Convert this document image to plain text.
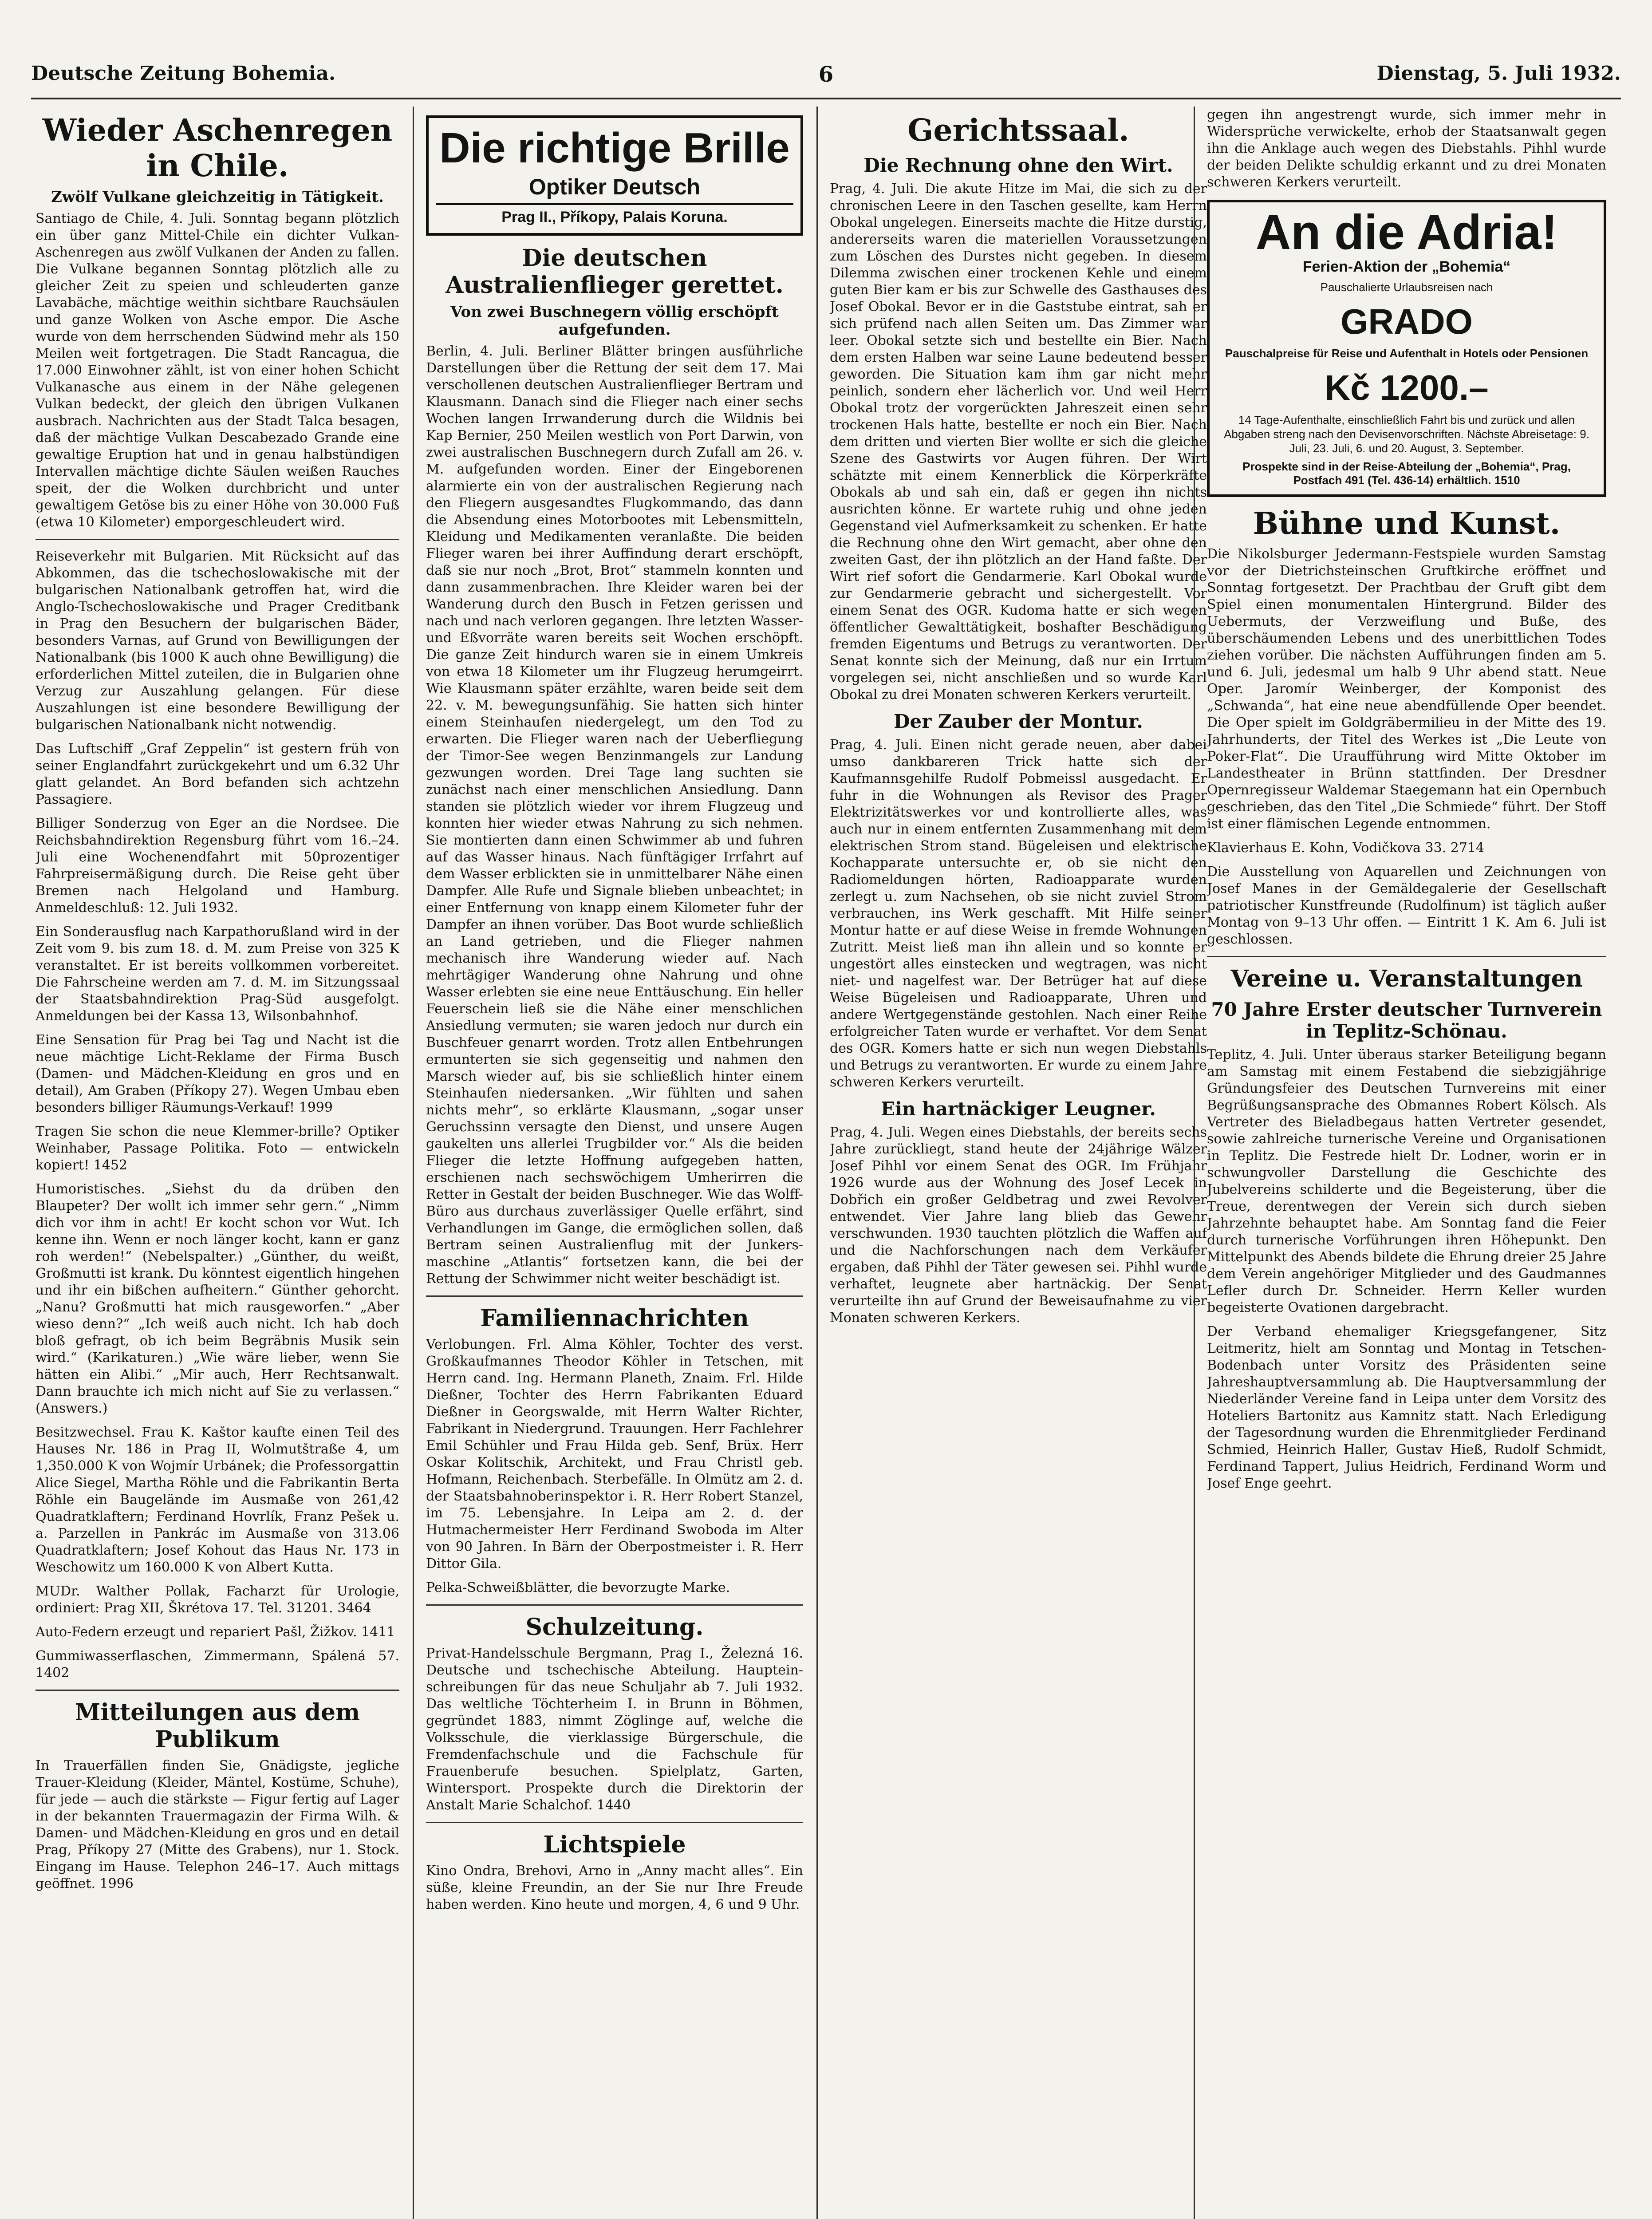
Deutsche Zeitung Bohemia.	6	Dienstag, 5. Juli 1932.
Wieder Aschenregen in Chile.
Zwölf Vulkane gleichzeitig in Tätigkeit.

Santiago de Chile, 4. Juli. Sonntag begann plötzlich ein über ganz Mittel-Chile ein dichter Vulkan-Aschenregen aus zwölf Vulkanen der Anden zu fallen. Die Vulkane begannen Sonntag plötzlich alle zu gleicher Zeit zu speien und schleuderten ganze Lavabäche, mächtige weithin sichtbare Rauchsäulen und ganze Wolken von Asche empor. Die Asche wurde von dem herrschenden Südwind mehr als 150 Meilen weit fortgetragen. Die Stadt Rancagua, die 17.000 Einwohner zählt, ist von einer hohen Schicht Vulkanasche aus einem in der Nähe gelegenen Vulkan bedeckt, der gleich den übrigen Vulkanen ausbrach. Nachrichten aus der Stadt Talca besagen, daß der mächtige Vulkan Descabezado Grande eine gewaltige Eruption hat und in genau halbstündigen Intervallen mächtige dichte Säulen weißen Rauches speit, der die Wolken durchbricht und unter gewaltigem Getöse bis zu einer Höhe von 30.000 Fuß (etwa 10 Kilometer) emporgeschleudert wird.

Reiseverkehr mit Bulgarien. Mit Rücksicht auf das Abkommen, das die tschechoslowakische mit der bulgarischen Nationalbank getroffen hat, wird die Anglo-Tschechoslowakische und Prager Creditbank in Prag den Besuchern der bulgarischen Bäder, besonders Varnas, auf Grund von Bewilligungen der Nationalbank (bis 1000 K auch ohne Bewilligung) die erforderlichen Mittel zuteilen, die in Bulgarien ohne Verzug zur Auszahlung gelangen. Für diese Auszahlungen ist eine besondere Bewilligung der bulgarischen Nationalbank nicht notwendig.

Das Luftschiff „Graf Zeppelin“ ist gestern früh von seiner Englandfahrt zurückgekehrt und um 6.32 Uhr glatt gelandet. An Bord befanden sich achtzehn Passagiere.

Billiger Sonderzug von Eger an die Nordsee. Die Reichsbahndirektion Regensburg führt vom 16.–24. Juli eine Wochenendfahrt mit 50prozentiger Fahrpreisermäßigung durch. Die Reise geht über Bremen nach Helgoland und Hamburg. Anmeldeschluß: 12. Juli 1932.

Ein Sonderausflug nach Karpathorußland wird in der Zeit vom 9. bis zum 18. d. M. zum Preise von 325 K veranstaltet. Er ist bereits vollkommen vorbereitet. Die Fahrscheine werden am 7. d. M. im Sitzungssaal der Staatsbahndirektion Prag-Süd ausgefolgt. Anmeldungen bei der Kassa 13, Wilsonbahnhof.

Eine Sensation für Prag bei Tag und Nacht ist die neue mächtige Licht-Reklame der Firma Busch (Damen- und Mädchen-Kleidung en gros und en detail), Am Graben (Příkopy 27). Wegen Umbau eben besonders billiger Räumungs-Verkauf! 1999

Tragen Sie schon die neue Klemmer-brille? Optiker Weinhaber, Passage Politika. Foto — entwickeln kopiert! 1452

Humoristisches. „Siehst du da drüben den Blaupeter? Der wollt ich immer sehr gern.“ „Nimm dich vor ihm in acht! Er kocht schon vor Wut. Ich kenne ihn. Wenn er noch länger kocht, kann er ganz roh werden!“ (Nebelspalter.) „Günther, du weißt, Großmutti ist krank. Du könntest eigentlich hingehen und ihr ein bißchen aufheitern.“ Günther gehorcht. „Nanu? Großmutti hat mich rausgeworfen.“ „Aber wieso denn?“ „Ich weiß auch nicht. Ich hab doch bloß gefragt, ob ich beim Begräbnis Musik sein wird.“ (Karikaturen.) „Wie wäre lieber, wenn Sie hätten ein Alibi.“ „Mir auch, Herr Rechtsanwalt. Dann brauchte ich mich nicht auf Sie zu verlassen.“ (Answers.)

Besitzwechsel. Frau K. Kaštor kaufte einen Teil des Hauses Nr. 186 in Prag II, Wolmutštraße 4, um 1,350.000 K von Wojmír Urbánek; die Professorgattin Alice Siegel, Martha Röhle und die Fabrikantin Berta Röhle ein Baugelände im Ausmaße von 261,42 Quadratklaftern; Ferdinand Hovrlík, Franz Pešek u. a. Parzellen in Pankrác im Ausmaße von 313.06 Quadratklaftern; Josef Kohout das Haus Nr. 173 in Weschowitz um 160.000 K von Albert Kutta.

MUDr. Walther Pollak, Facharzt für Urologie, ordiniert: Prag XII, Škrétova 17. Tel. 31201. 3464

Auto-Federn erzeugt und repariert Pašl, Žižkov. 1411

Gummiwasserflaschen, Zimmermann, Spálená 57. 1402

Mitteilungen aus dem Publikum

In Trauerfällen finden Sie, Gnädigste, jegliche Trauer-Kleidung (Kleider, Mäntel, Kostüme, Schuhe), für jede — auch die stärkste — Figur fertig auf Lager in der bekannten Trauermagazin der Firma Wilh. & Damen- und Mädchen-Kleidung en gros und en detail Prag, Příkopy 27 (Mitte des Grabens), nur 1. Stock. Eingang im Hause. Telephon 246–17. Auch mittags geöffnet. 1996

Die richtige Brille
Optiker Deutsch
Prag II., Příkopy, Palais Koruna.
Die deutschen Australienflieger gerettet.
Von zwei Buschnegern völlig erschöpft aufgefunden.

Berlin, 4. Juli. Berliner Blätter bringen ausführliche Darstellungen über die Rettung der seit dem 17. Mai verschollenen deutschen Australienflieger Bertram und Klausmann. Danach sind die Flieger nach einer sechs Wochen langen Irrwanderung durch die Wildnis bei Kap Bernier, 250 Meilen westlich von Port Darwin, von zwei australischen Buschnegern durch Zufall am 26. v. M. aufgefunden worden. Einer der Eingeborenen alarmierte ein von der australischen Regierung nach den Fliegern ausgesandtes Flugkommando, das dann die Absendung eines Motorbootes mit Lebensmitteln, Kleidung und Medikamenten veranlaßte. Die beiden Flieger waren bei ihrer Auffindung derart erschöpft, daß sie nur noch „Brot, Brot“ stammeln konnten und dann zusammenbrachen. Ihre Kleider waren bei der Wanderung durch den Busch in Fetzen gerissen und nach und nach verloren gegangen. Ihre letzten Wasser- und Eßvorräte waren bereits seit Wochen erschöpft. Die ganze Zeit hindurch waren sie in einem Umkreis von etwa 18 Kilometer um ihr Flugzeug herumgeirrt. Wie Klausmann später erzählte, waren beide seit dem 22. v. M. bewegungsunfähig. Sie hatten sich hinter einem Steinhaufen niedergelegt, um den Tod zu erwarten. Die Flieger waren nach der Ueberfliegung der Timor-See wegen Benzinmangels zur Landung gezwungen worden. Drei Tage lang suchten sie zunächst nach einer menschlichen Ansiedlung. Dann standen sie plötzlich wieder vor ihrem Flugzeug und konnten hier wieder etwas Nahrung zu sich nehmen. Sie montierten dann einen Schwimmer ab und fuhren auf das Wasser hinaus. Nach fünftägiger Irrfahrt auf dem Wasser erblickten sie in unmittelbarer Nähe einen Dampfer. Alle Rufe und Signale blieben unbeachtet; in einer Entfernung von knapp einem Kilometer fuhr der Dampfer an ihnen vorüber. Das Boot wurde schließlich an Land getrieben, und die Flieger nahmen mechanisch ihre Wanderung wieder auf. Nach mehrtägiger Wanderung ohne Nahrung und ohne Wasser erlebten sie eine neue Enttäuschung. Ein heller Feuerschein ließ sie die Nähe einer menschlichen Ansiedlung vermuten; sie waren jedoch nur durch ein Buschfeuer genarrt worden. Trotz allen Entbehrungen ermunterten sie sich gegenseitig und nahmen den Marsch wieder auf, bis sie schließlich hinter einem Steinhaufen niedersanken. „Wir fühlten und sahen nichts mehr“, so erklärte Klausmann, „sogar unser Geruchssinn versagte den Dienst, und unsere Augen gaukelten uns allerlei Trugbilder vor.“ Als die beiden Flieger die letzte Hoffnung aufgegeben hatten, erschienen nach sechswöchigem Umherirren die Retter in Gestalt der beiden Buschneger. Wie das Wolff-Büro aus durchaus zuverlässiger Quelle erfährt, sind Verhandlungen im Gange, die ermöglichen sollen, daß Bertram seinen Australienflug mit der Junkers-maschine „Atlantis“ fortsetzen kann, die bei der Rettung der Schwimmer nicht weiter beschädigt ist.

Familiennachrichten

Verlobungen. Frl. Alma Köhler, Tochter des verst. Großkaufmannes Theodor Köhler in Tetschen, mit Herrn cand. Ing. Hermann Planeth, Znaim. Frl. Hilde Dießner, Tochter des Herrn Fabrikanten Eduard Dießner in Georgswalde, mit Herrn Walter Richter, Fabrikant in Niedergrund. Trauungen. Herr Fachlehrer Emil Schühler und Frau Hilda geb. Senf, Brüx. Herr Oskar Kolitschik, Architekt, und Frau Christl geb. Hofmann, Reichenbach. Sterbefälle. In Olmütz am 2. d. der Staatsbahnoberinspektor i. R. Herr Robert Stanzel, im 75. Lebensjahre. In Leipa am 2. d. der Hutmachermeister Herr Ferdinand Swoboda im Alter von 90 Jahren. In Bärn der Oberpostmeister i. R. Herr Dittor Gila.

Pelka-Schweißblätter, die bevorzugte Marke.

Schulzeitung.

Privat-Handelsschule Bergmann, Prag I., Železná 16. Deutsche und tschechische Abteilung. Hauptein-schreibungen für das neue Schuljahr ab 7. Juli 1932. Das weltliche Töchterheim I. in Brunn in Böhmen, gegründet 1883, nimmt Zöglinge auf, welche die Volksschule, die vierklassige Bürgerschule, die Fremdenfachschule und die Fachschule für Frauenberufe besuchen. Spielplatz, Garten, Wintersport. Prospekte durch die Direktorin der Anstalt Marie Schalchof. 1440

Lichtspiele

Kino Ondra, Brehovi, Arno in „Anny macht alles“. Ein süße, kleine Freundin, an der Sie nur Ihre Freude haben werden. Kino heute und morgen, 4, 6 und 9 Uhr.

Gerichtssaal.
Die Rechnung ohne den Wirt.

Prag, 4. Juli. Die akute Hitze im Mai, die sich zu der chronischen Leere in den Taschen gesellte, kam Herrn Obokal ungelegen. Einerseits machte die Hitze durstig, andererseits waren die materiellen Voraussetzungen zum Löschen des Durstes nicht gegeben. In diesem Dilemma zwischen einer trockenen Kehle und einem guten Bier kam er bis zur Schwelle des Gasthauses des Josef Obokal. Bevor er in die Gaststube eintrat, sah er sich prüfend nach allen Seiten um. Das Zimmer war leer. Obokal setzte sich und bestellte ein Bier. Nach dem ersten Halben war seine Laune bedeutend besser geworden. Die Situation kam ihm gar nicht mehr peinlich, sondern eher lächerlich vor. Und weil Herr Obokal trotz der vorgerückten Jahreszeit einen sehr trockenen Hals hatte, bestellte er noch ein Bier. Nach dem dritten und vierten Bier wollte er sich die gleiche Szene des Gastwirts vor Augen führen. Der Wirt schätzte mit einem Kennerblick die Körperkräfte Obokals ab und sah ein, daß er gegen ihn nichts ausrichten könne. Er wartete ruhig und ohne jeden Gegenstand viel Aufmerksamkeit zu schenken. Er hatte die Rechnung ohne den Wirt gemacht, aber ohne den zweiten Gast, der ihn plötzlich an der Hand faßte. Der Wirt rief sofort die Gendarmerie. Karl Obokal wurde zur Gendarmerie gebracht und sichergestellt. Vor einem Senat des OGR. Kudoma hatte er sich wegen öffentlicher Gewalttätigkeit, boshafter Beschädigung fremden Eigentums und Betrugs zu verantworten. Der Senat konnte sich der Meinung, daß nur ein Irrtum vorgelegen sei, nicht anschließen und so wurde Karl Obokal zu drei Monaten schweren Kerkers verurteilt.

Der Zauber der Montur.

Prag, 4. Juli. Einen nicht gerade neuen, aber dabei umso dankbareren Trick hatte sich der Kaufmannsgehilfe Rudolf Pobmeissl ausgedacht. Er fuhr in die Wohnungen als Revisor des Prager Elektrizitätswerkes vor und kontrollierte alles, was auch nur in einem entfernten Zusammenhang mit dem elektrischen Strom stand. Bügeleisen und elektrische Kochapparate untersuchte er, ob sie nicht den Radiomeldungen hörten, Radioapparate wurden zerlegt u. zum Nachsehen, ob sie nicht zuviel Strom verbrauchen, ins Werk geschafft. Mit Hilfe seiner Montur hatte er auf diese Weise in fremde Wohnungen Zutritt. Meist ließ man ihn allein und so konnte er ungestört alles einstecken und wegtragen, was nicht niet- und nagelfest war. Der Betrüger hat auf diese Weise Bügeleisen und Radioapparate, Uhren und andere Wertgegenstände gestohlen. Nach einer Reihe erfolgreicher Taten wurde er verhaftet. Vor dem Senat des OGR. Komers hatte er sich nun wegen Diebstahls und Betrugs zu verantworten. Er wurde zu einem Jahre schweren Kerkers verurteilt.

Ein hartnäckiger Leugner.

Prag, 4. Juli. Wegen eines Diebstahls, der bereits sechs Jahre zurückliegt, stand heute der 24jährige Wälzer Josef Pihhl vor einem Senat des OGR. Im Frühjahr 1926 wurde aus der Wohnung des Josef Lecek in Dobřich ein großer Geldbetrag und zwei Revolver entwendet. Vier Jahre lang blieb das Gewehr verschwunden. 1930 tauchten plötzlich die Waffen auf und die Nachforschungen nach dem Verkäufer ergaben, daß Pihhl der Täter gewesen sei. Pihhl wurde verhaftet, leugnete aber hartnäckig. Der Senat verurteilte ihn auf Grund der Beweisaufnahme zu vier Monaten schweren Kerkers.

gegen ihn angestrengt wurde, sich immer mehr in Widersprüche verwickelte, erhob der Staatsanwalt gegen ihn die Anklage auch wegen des Diebstahls. Pihhl wurde der beiden Delikte schuldig erkannt und zu drei Monaten schweren Kerkers verurteilt.

An die Adria!
Ferien-Aktion der „Bohemia“
Pauschalierte Urlaubsreisen nach
GRADO
Pauschalpreise für Reise und Aufenthalt in Hotels oder Pensionen
Kč 1200.–
14 Tage-Aufenthalte, einschließlich Fahrt bis und zurück und allen Abgaben streng nach den Devisenvorschriften. Nächste Abreisetage: 9. Juli, 23. Juli, 6. und 20. August, 3. September.
Prospekte sind in der Reise-Abteilung der „Bohemia“, Prag, Postfach 491 (Tel. 436-14) erhältlich. 1510
Bühne und Kunst.

Die Nikolsburger Jedermann-Festspiele wurden Samstag vor der Dietrichsteinschen Gruftkirche eröffnet und Sonntag fortgesetzt. Der Prachtbau der Gruft gibt dem Spiel einen monumentalen Hintergrund. Bilder des Uebermuts, der Verzweiflung und Buße, des überschäumenden Lebens und des unerbittlichen Todes ziehen vorüber. Die nächsten Aufführungen finden am 5. und 6. Juli, jedesmal um halb 9 Uhr abend statt. Neue Oper. Jaromír Weinberger, der Komponist des „Schwanda“, hat eine neue abendfüllende Oper beendet. Die Oper spielt im Goldgräbermilieu in der Mitte des 19. Jahrhunderts, der Titel des Werkes ist „Die Leute von Poker-Flat“. Die Uraufführung wird Mitte Oktober im Landestheater in Brünn stattfinden. Der Dresdner Opernregisseur Waldemar Staegemann hat ein Opernbuch geschrieben, das den Titel „Die Schmiede“ führt. Der Stoff ist einer flämischen Legende entnommen.

Klavierhaus E. Kohn, Vodičkova 33. 2714

Die Ausstellung von Aquarellen und Zeichnungen von Josef Manes in der Gemäldegalerie der Gesellschaft patriotischer Kunstfreunde (Rudolfinum) ist täglich außer Montag von 9–13 Uhr offen. — Eintritt 1 K. Am 6. Juli ist geschlossen.

Vereine u. Veranstaltungen
70 Jahre Erster deutscher Turnverein in Teplitz-Schönau.

Teplitz, 4. Juli. Unter überaus starker Beteiligung begann am Samstag mit einem Festabend die siebzigjährige Gründungsfeier des Deutschen Turnvereins mit einer Begrüßungsansprache des Obmannes Robert Kölsch. Als Vertreter des Bieladbegaus hatten Vertreter gesendet, sowie zahlreiche turnerische Vereine und Organisationen in Teplitz. Die Festrede hielt Dr. Lodner, worin er in schwungvoller Darstellung die Geschichte des Jubelvereins schilderte und die Begeisterung, über die Treue, derentwegen der Verein sich durch sieben Jahrzehnte behauptet habe. Am Sonntag fand die Feier durch turnerische Vorführungen ihren Höhepunkt. Den Mittelpunkt des Abends bildete die Ehrung dreier 25 Jahre dem Verein angehöriger Mitglieder und des Gaudmannes Lefler durch Dr. Schneider. Herrn Keller wurden begeisterte Ovationen dargebracht.

Der Verband ehemaliger Kriegsgefangener, Sitz Leitmeritz, hielt am Sonntag und Montag in Tetschen-Bodenbach unter Vorsitz des Präsidenten seine Jahreshauptversammlung ab. Die Hauptversammlung der Niederländer Vereine fand in Leipa unter dem Vorsitz des Hoteliers Bartonitz aus Kamnitz statt. Nach Erledigung der Tagesordnung wurden die Ehrenmitglieder Ferdinand Schmied, Heinrich Haller, Gustav Hieß, Rudolf Schmidt, Ferdinand Tappert, Julius Heidrich, Ferdinand Worm und Josef Enge geehrt.
